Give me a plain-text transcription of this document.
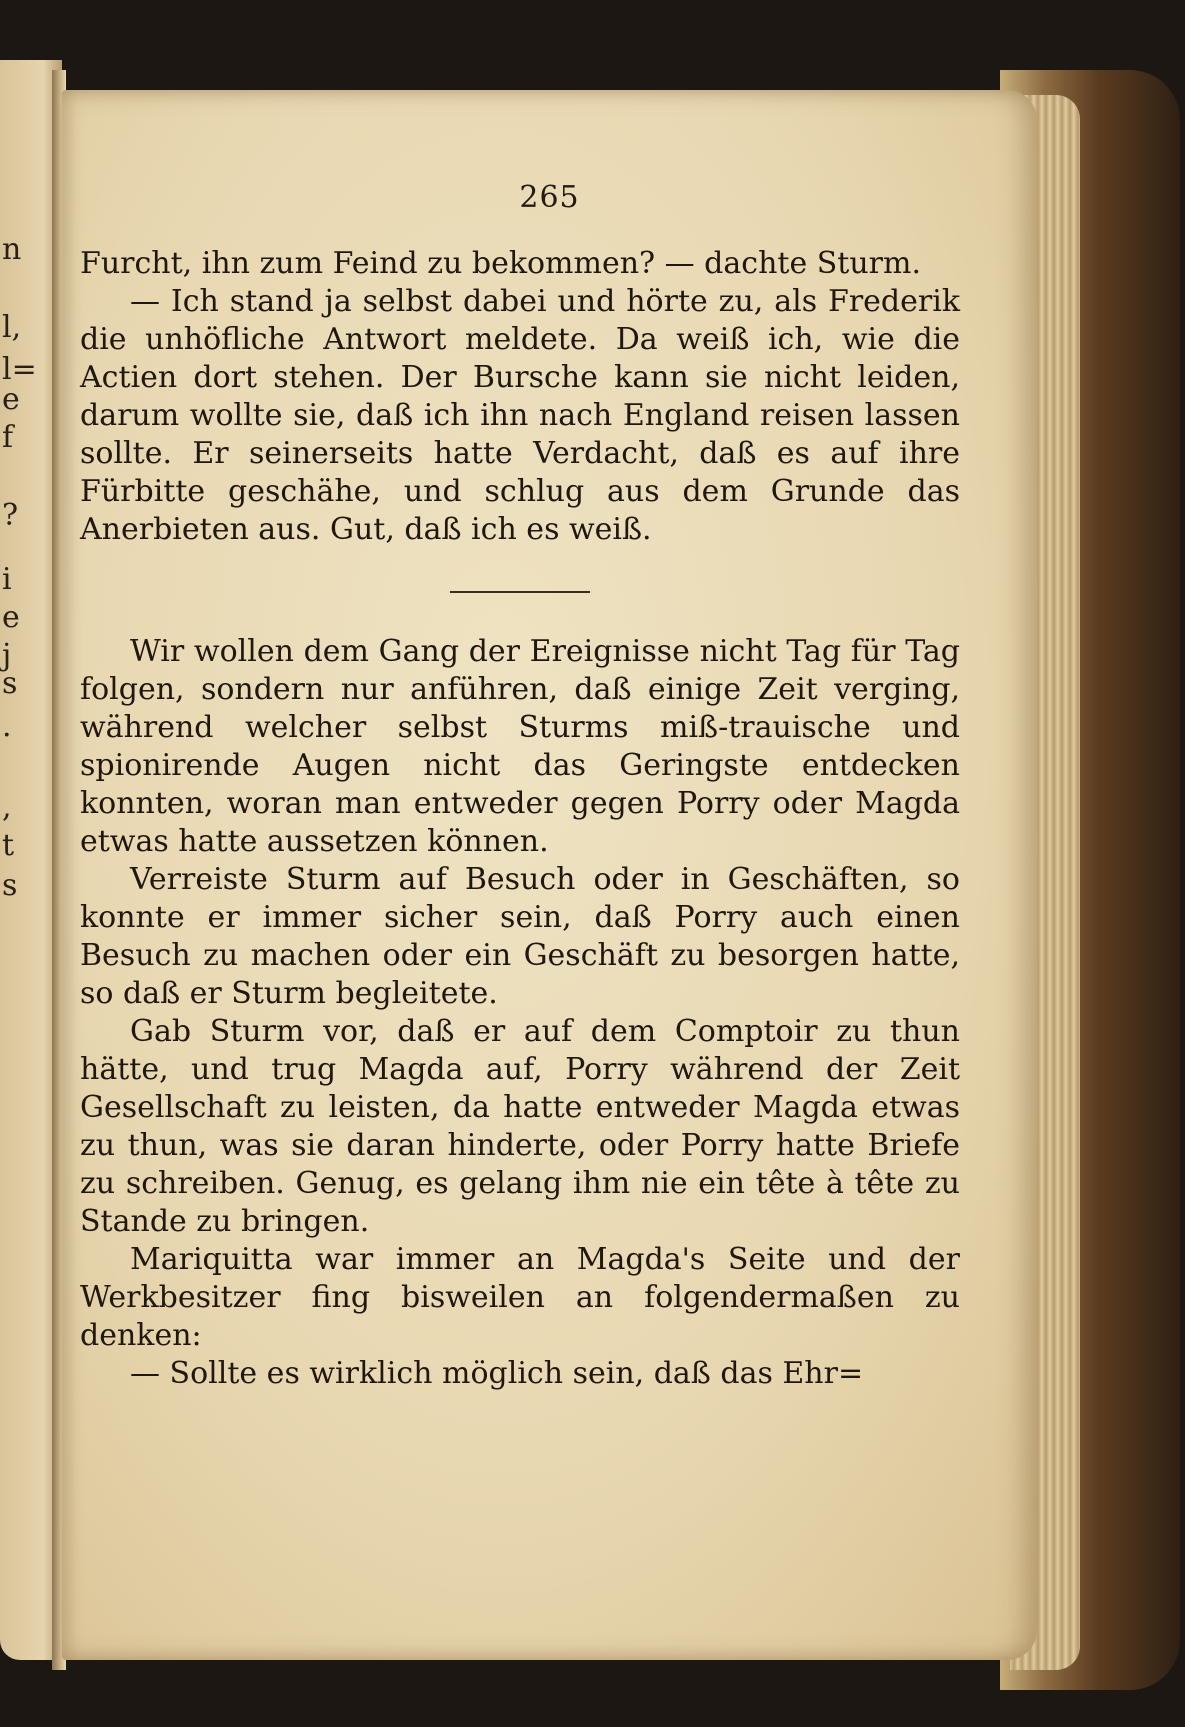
n
l,
l=
e
f
?
i
e
j
s
·
,
t
s
265

Furcht, ihn zum Feind zu bekommen? — dachte Sturm.

— Ich stand ja selbst dabei und hörte zu, als Frederik die unhöfliche Antwort meldete. Da weiß ich, wie die Actien dort stehen. Der Bursche kann sie nicht leiden, darum wollte sie, daß ich ihn nach England reisen lassen sollte. Er seinerseits hatte Verdacht, daß es auf ihre Fürbitte geschähe, und schlug aus dem Grunde das Anerbieten aus. Gut, daß ich es weiß.

Wir wollen dem Gang der Ereignisse nicht Tag für Tag folgen, sondern nur anführen, daß einige Zeit verging, während welcher selbst Sturms miß-trauische und spionirende Augen nicht das Geringste entdecken konnten, woran man entweder gegen Porry oder Magda etwas hatte aussetzen können.

Verreiste Sturm auf Besuch oder in Geschäften, so konnte er immer sicher sein, daß Porry auch einen Besuch zu machen oder ein Geschäft zu besorgen hatte, so daß er Sturm begleitete.

Gab Sturm vor, daß er auf dem Comptoir zu thun hätte, und trug Magda auf, Porry während der Zeit Gesellschaft zu leisten, da hatte entweder Magda etwas zu thun, was sie daran hinderte, oder Porry hatte Briefe zu schreiben. Genug, es gelang ihm nie ein tête à tête zu Stande zu bringen.

Mariquitta war immer an Magda's Seite und der Werkbesitzer fing bisweilen an folgendermaßen zu denken:

— Sollte es wirklich möglich sein, daß das Ehr=
